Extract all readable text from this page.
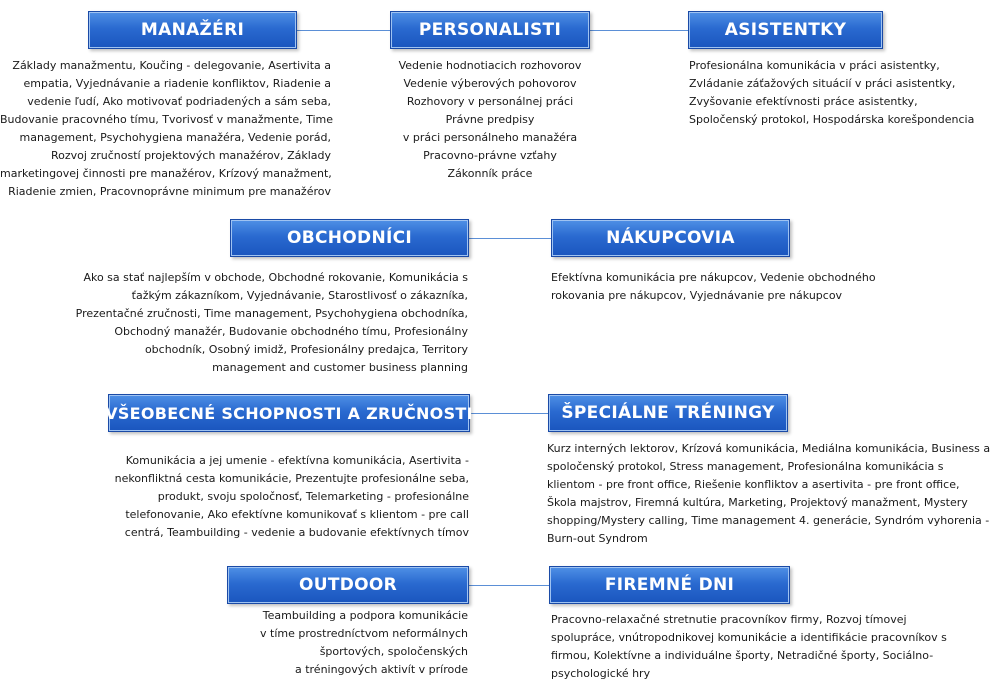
MANAŽÉRI
Základy manažmentu, Koučing - delegovanie, Asertivita a
empatia, Vyjednávanie a riadenie konfliktov, Riadenie a
vedenie ľudí, Ako motivovať podriadených a sám seba,
Budovanie pracovného tímu, Tvorivosť v manažmente, Time
management, Psychohygiena manažéra, Vedenie porád,
Rozvoj zručností projektových manažérov, Základy
marketingovej činnosti pre manažérov, Krízový manažment,
Riadenie zmien, Pracovnoprávne minimum pre manažérov
PERSONALISTI
Vedenie hodnotiacich rozhovorov
Vedenie výberových pohovorov
Rozhovory v personálnej práci
Právne predpisy
v práci personálneho manažéra
Pracovno-právne vzťahy
Zákonník práce
ASISTENTKY
Profesionálna komunikácia v práci asistentky,
Zvládanie záťažových situácií v práci asistentky,
Zvyšovanie efektívnosti práce asistentky,
Spoločenský protokol, Hospodárska korešpondencia
OBCHODNÍCI
Ako sa stať najlepším v obchode, Obchodné rokovanie, Komunikácia s
ťažkým zákazníkom, Vyjednávanie, Starostlivosť o zákazníka,
Prezentačné zručnosti, Time management, Psychohygiena obchodníka,
Obchodný manažér, Budovanie obchodného tímu, Profesionálny
obchodník, Osobný imidž, Profesionálny predajca, Territory
management and customer business planning
NÁKUPCOVIA
Efektívna komunikácia pre nákupcov, Vedenie obchodného
rokovania pre nákupcov, Vyjednávanie pre nákupcov
VŠEOBECNÉ SCHOPNOSTI A ZRUČNOSTI
Komunikácia a jej umenie - efektívna komunikácia, Asertivita -
nekonfliktná cesta komunikácie, Prezentujte profesionálne seba,
produkt, svoju spoločnosť, Telemarketing - profesionálne
telefonovanie, Ako efektívne komunikovať s klientom - pre call
centrá, Teambuilding - vedenie a budovanie efektívnych tímov
ŠPECIÁLNE TRÉNINGY
Kurz interných lektorov, Krízová komunikácia, Mediálna komunikácia, Business a
spoločenský protokol, Stress management, Profesionálna komunikácia s
klientom - pre front office, Riešenie konfliktov a asertivita - pre front office,
Škola majstrov, Firemná kultúra, Marketing, Projektový manažment, Mystery
shopping/Mystery calling, Time management 4. generácie, Syndróm vyhorenia -
Burn-out Syndrom
OUTDOOR
Teambuilding a podpora komunikácie
v tíme prostredníctvom neformálnych
športových, spoločenských
a tréningových aktivít v prírode
FIREMNÉ DNI
Pracovno-relaxačné stretnutie pracovníkov firmy, Rozvoj tímovej
spolupráce, vnútropodnikovej komunikácie a identifikácie pracovníkov s
firmou, Kolektívne a individuálne športy, Netradičné športy, Sociálno-
psychologické hry
